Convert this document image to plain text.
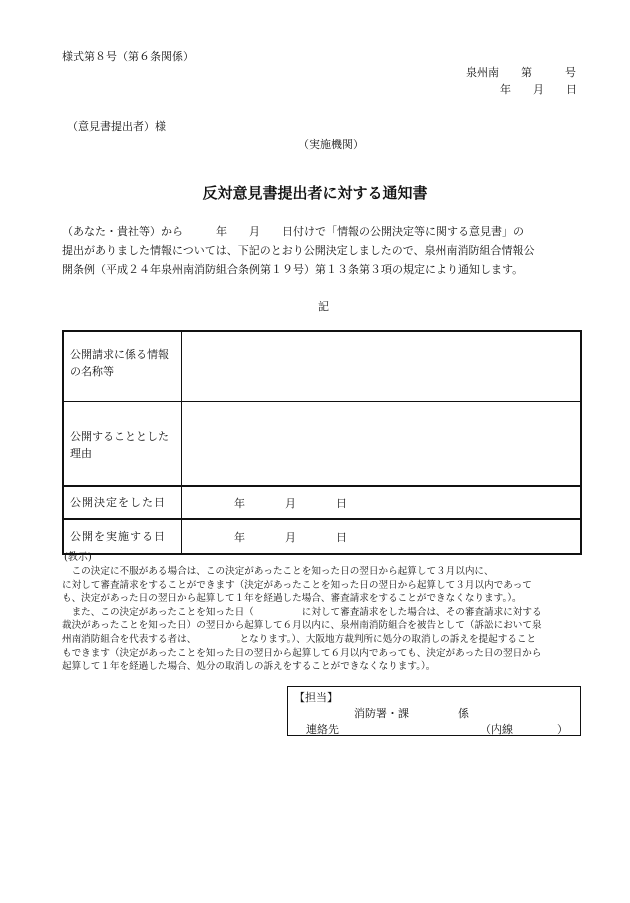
様式第８号（第６条関係）
泉州南　　第　　　号
年　　月　　日
（意見書提出者）様
（実施機関）
反対意見書提出者に対する通知書

（あなた・貴社等）から　　　年　　月　　日付けで「情報の公開決定等に関する意見書」の

提出がありました情報については、下記のとおり公開決定しましたので、泉州南消防組合情報公

開条例（平成２４年泉州南消防組合条例第１９号）第１３条第３項の規定により通知します。

記
公開請求に係る情報
の名称等
公開することとした
理由
公開決定をした日	年	月	日
公開を実施する日	年	月	日
(教示)

　この決定に不服がある場合は、この決定があったことを知った日の翌日から起算して３月以内に、

に対して審査請求をすることができます（決定があったことを知った日の翌日から起算して３月以内であって

も、決定があった日の翌日から起算して１年を経過した場合、審査請求をすることができなくなります。）。

　また、この決定があったことを知った日（　　　　　に対して審査請求をした場合は、その審査請求に対する

裁決があったことを知った日）の翌日から起算して６月以内に、泉州南消防組合を被告として（訴訟において泉

州南消防組合を代表する者は、　　　　　となります。）、大阪地方裁判所に処分の取消しの訴えを提起すること

もできます（決定があったことを知った日の翌日から起算して６月以内であっても、決定があった日の翌日から

起算して１年を経過した場合、処分の取消しの訴えをすることができなくなります。）。

【担当】
消防署・課	係
連絡先	（内線　　　　）
